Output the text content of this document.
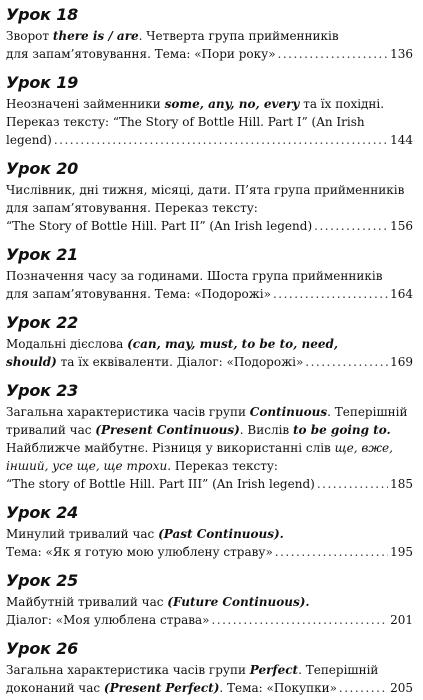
Урок 18
Зворот there is / are. Четверта група прийменників
для запам’ятовування. Тема: «Пори року» .....	136
Урок 19
Неозначені займенники some, any, no, every та їх похідні.
Переказ тексту: “The Story of Bottle Hill. Part I” (An Irish
legend) .....	144
Урок 20
Числівник, дні тижня, місяці, дати. П’ята група прийменників
для запам’ятовування. Переказ тексту:
“The Story of Bottle Hill. Part II” (An Irish legend) .....	156
Урок 21
Позначення часу за годинами. Шоста група прийменників
для запам’ятовування. Тема: «Подорожі» .....	164
Урок 22
Модальні дієслова (can, may, must, to be to, need,
should) та їх еквіваленти. Діалог: «Подорожі» .....	169
Урок 23
Загальна характеристика часів групи Continuous. Теперішній
тривалий час (Present Continuous). Вислів to be going to.
Найближче майбутнє. Різниця у використанні слів ще, вже,
інший, усе ще, ще трохи. Переказ тексту:
“The story of Bottle Hill. Part III” (An Irish legend) .....	185
Урок 24
Минулий тривалий час (Past Continuous).
Тема: «Як я готую мою улюблену страву» .....	195
Урок 25
Майбутній тривалий час (Future Continuous).
Діалог: «Моя улюблена страва» .....	201
Урок 26
Загальна характеристика часів групи Perfect. Теперішній
доконаний час (Present Perfect). Тема: «Покупки» .....	205
